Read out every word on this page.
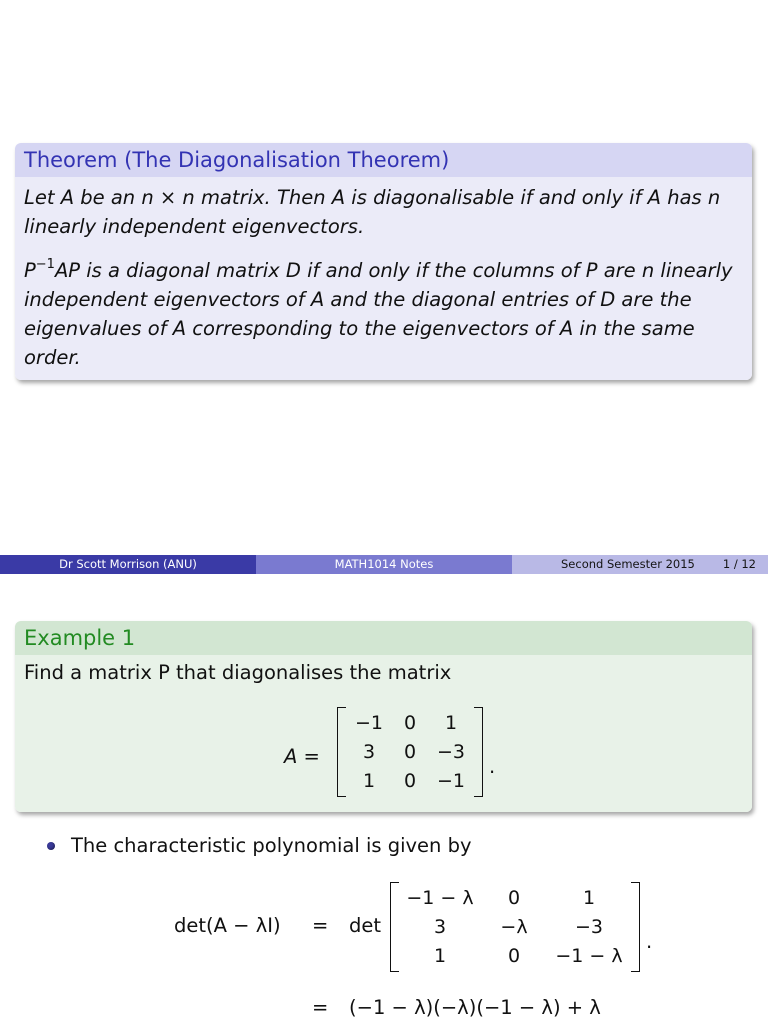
Theorem (The Diagonalisation Theorem)
Let A be an n × n matrix. Then A is diagonalisable if and only if A has n
linearly independent eigenvectors.
$P^{-1}AP$ is a diagonal matrix D if and only if the columns of P are n linearly
independent eigenvectors of A and the diagonal entries of D are the
eigenvalues of A corresponding to the eigenvectors of A in the same order.
Dr Scott Morrison (ANU)	MATH1014 Notes	Second Semester 2015	1 / 12
Example 1
Find a matrix P that diagonalises the matrix
A =
−1	0	1
3	0	−3
1	0	−1
.
The characteristic polynomial is given by
det(A − λI) = det
−1 − λ	0	1
3	−λ	−3
1	0	−1 − λ
.
= (−1 − λ)(−λ)(−1 − λ) + λ
